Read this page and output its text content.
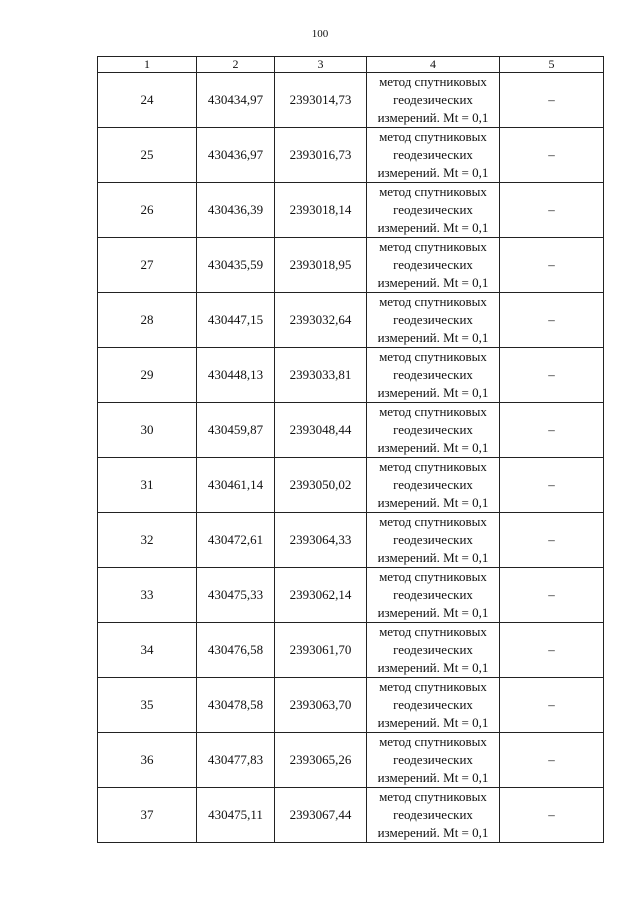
100
1	2	3	4	5
24	430434,97	2393014,73	метод спутниковых
геодезических
измерений. Mt = 0,1	–
25	430436,97	2393016,73	метод спутниковых
геодезических
измерений. Mt = 0,1	–
26	430436,39	2393018,14	метод спутниковых
геодезических
измерений. Mt = 0,1	–
27	430435,59	2393018,95	метод спутниковых
геодезических
измерений. Mt = 0,1	–
28	430447,15	2393032,64	метод спутниковых
геодезических
измерений. Mt = 0,1	–
29	430448,13	2393033,81	метод спутниковых
геодезических
измерений. Mt = 0,1	–
30	430459,87	2393048,44	метод спутниковых
геодезических
измерений. Mt = 0,1	–
31	430461,14	2393050,02	метод спутниковых
геодезических
измерений. Mt = 0,1	–
32	430472,61	2393064,33	метод спутниковых
геодезических
измерений. Mt = 0,1	–
33	430475,33	2393062,14	метод спутниковых
геодезических
измерений. Mt = 0,1	–
34	430476,58	2393061,70	метод спутниковых
геодезических
измерений. Mt = 0,1	–
35	430478,58	2393063,70	метод спутниковых
геодезических
измерений. Mt = 0,1	–
36	430477,83	2393065,26	метод спутниковых
геодезических
измерений. Mt = 0,1	–
37	430475,11	2393067,44	метод спутниковых
геодезических
измерений. Mt = 0,1	–
